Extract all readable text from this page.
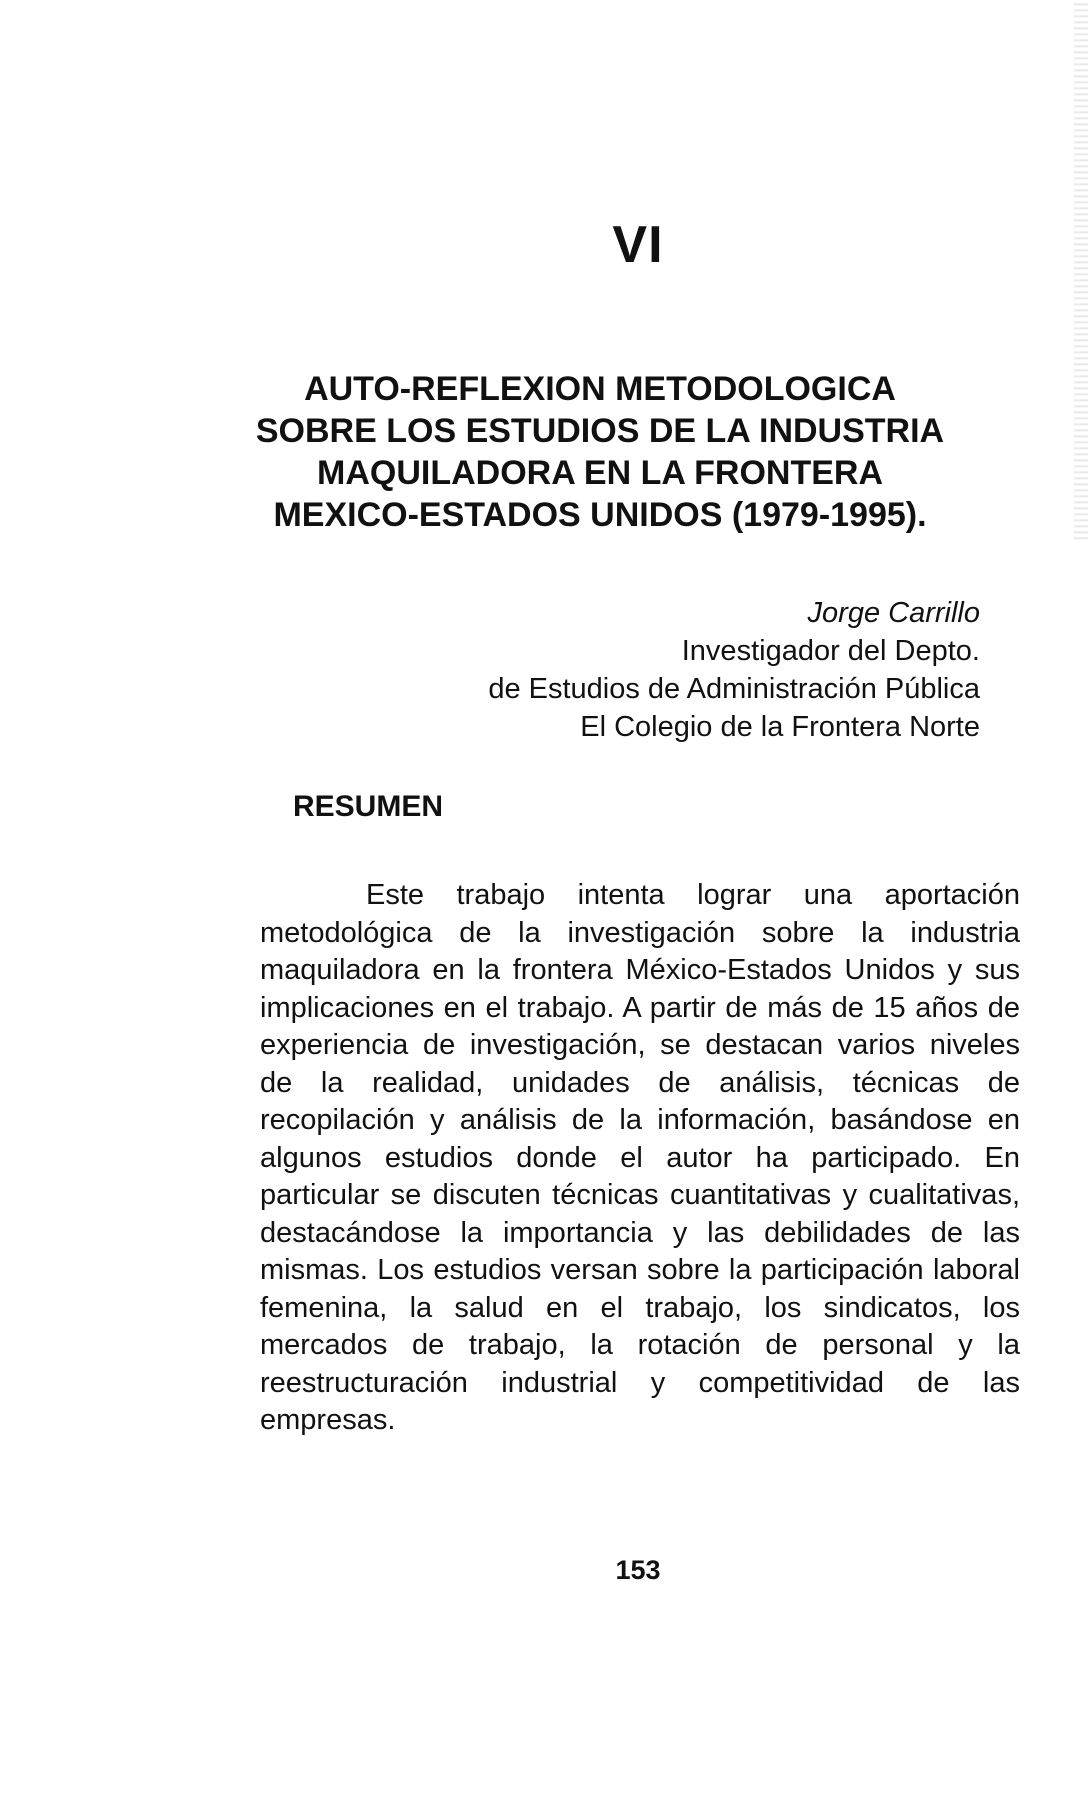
VI
AUTO-REFLEXION METODOLOGICA
SOBRE LOS ESTUDIOS DE LA INDUSTRIA
MAQUILADORA EN LA FRONTERA
MEXICO-ESTADOS UNIDOS (1979-1995).
Jorge Carrillo
Investigador del Depto.
de Estudios de Administración Pública
El Colegio de la Frontera Norte
RESUMEN

Este trabajo intenta lograr una aportación metodológica de la investigación sobre la industria maquiladora en la frontera México-Estados Unidos y sus implicaciones en el trabajo. A partir de más de 15 años de experiencia de investigación, se destacan varios niveles de la realidad, unidades de análisis, técnicas de recopilación y análisis de la información, basándose en algunos estudios donde el autor ha participado. En particular se discuten técnicas cuantitativas y cualitativas, destacándose la importancia y las debilidades de las mismas. Los estudios versan sobre la participación laboral femenina, la salud en el trabajo, los sindicatos, los mercados de trabajo, la rotación de personal y la reestructuración industrial y competitividad de las empresas.

153
